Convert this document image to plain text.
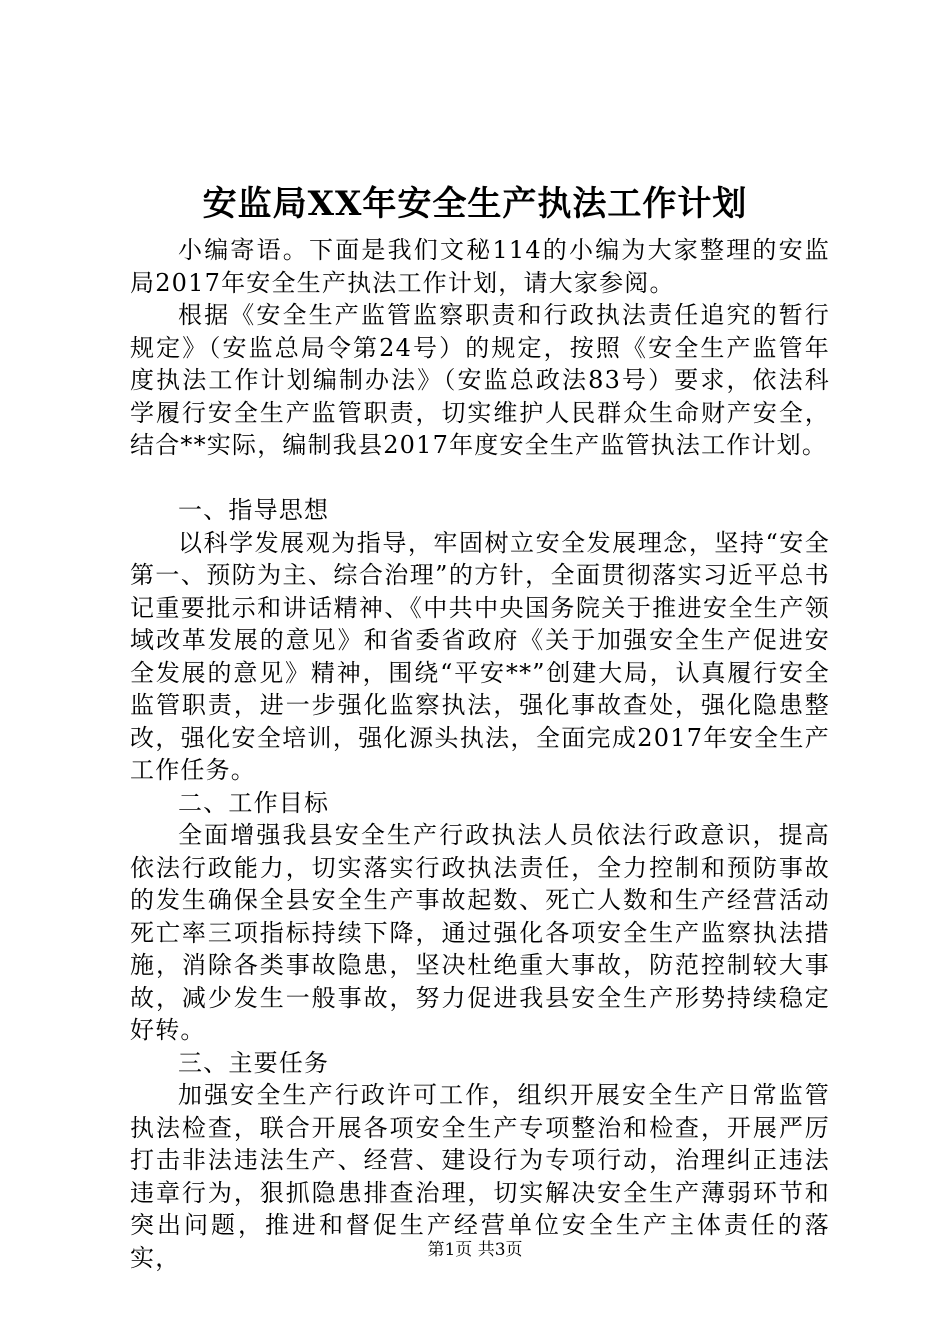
安监局XX年安全生产执法工作计划

小编寄语。下面是我们文秘114的小编为大家整理的安监局2017年安全生产执法工作计划，请大家参阅。

根据《安全生产监管监察职责和行政执法责任追究的暂行规定》（安监总局令第24号）的规定，按照《安全生产监管年度执法工作计划编制办法》（安监总政法83号）要求，依法科学履行安全生产监管职责，切实维护人民群众生命财产安全，结合**实际，编制我县2017年度安全生产监管执法工作计划。

一、指导思想

以科学发展观为指导，牢固树立安全发展理念，坚持“安全第一、预防为主、综合治理”的方针，全面贯彻落实习近平总书记重要批示和讲话精神、《中共中央国务院关于推进安全生产领域改革发展的意见》和省委省政府《关于加强安全生产促进安全发展的意见》精神，围绕“平安**”创建大局，认真履行安全监管职责，进一步强化监察执法，强化事故查处，强化隐患整改，强化安全培训，强化源头执法，全面完成2017年安全生产工作任务。

二、工作目标

全面增强我县安全生产行政执法人员依法行政意识，提高依法行政能力，切实落实行政执法责任，全力控制和预防事故的发生确保全县安全生产事故起数、死亡人数和生产经营活动死亡率三项指标持续下降，通过强化各项安全生产监察执法措施，消除各类事故隐患，坚决杜绝重大事故，防范控制较大事故，减少发生一般事故，努力促进我县安全生产形势持续稳定好转。

三、主要任务

加强安全生产行政许可工作，组织开展安全生产日常监管执法检查，联合开展各项安全生产专项整治和检查，开展严厉打击非法违法生产、经营、建设行为专项行动，治理纠正违法违章行为，狠抓隐患排查治理，切实解决安全生产薄弱环节和突出问题，推进和督促生产经营单位安全生产主体责任的落实，	第1页 共3页
